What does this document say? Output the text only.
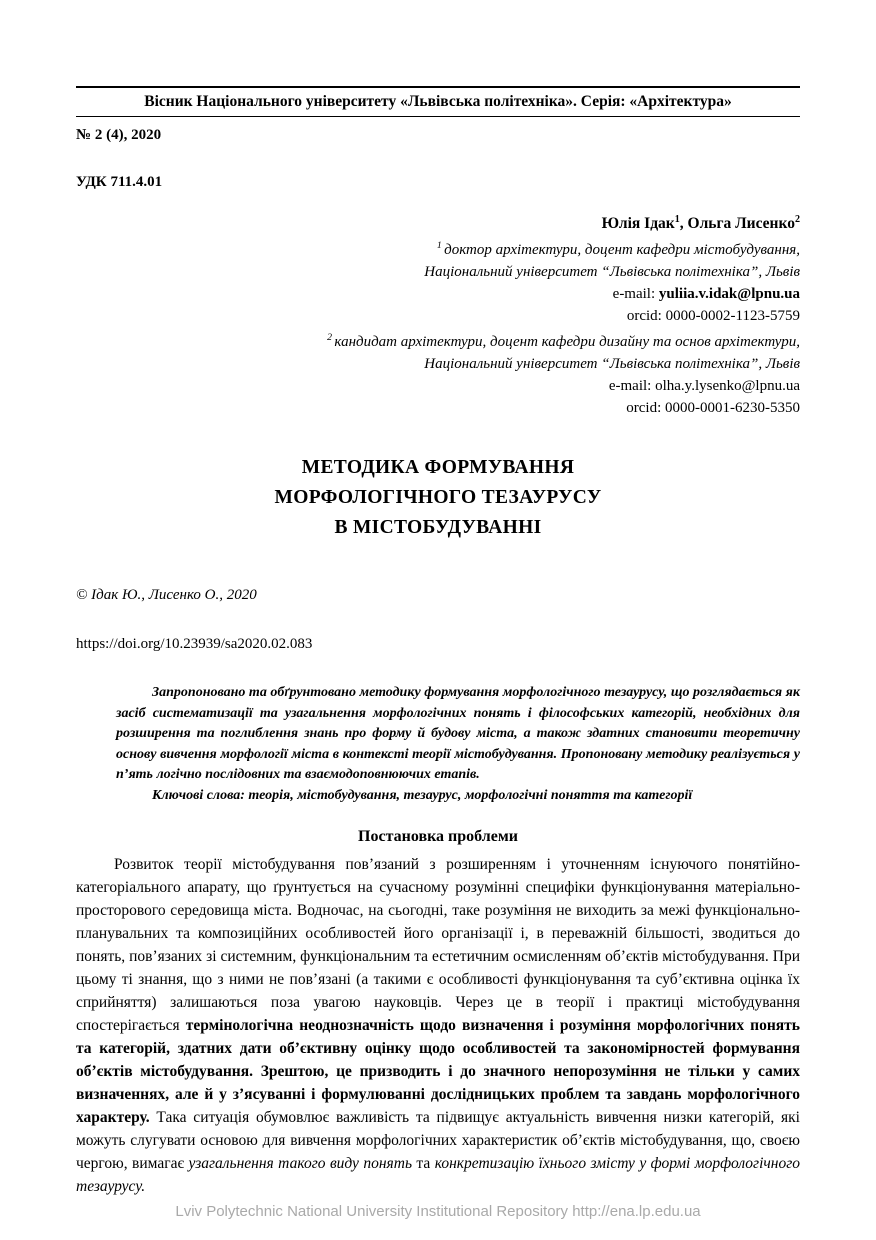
Вісник Національного університету «Львівська політехніка». Серія: «Архітектура»
№ 2 (4), 2020
УДК 711.4.01
Юлія Ідак$^1$, Ольга Лисенко$^2$
$^1$ доктор архітектури, доцент кафедри містобудування,
Національний університет “Львівська політехніка”, Львів
e-mail: yuliia.v.idak@lpnu.ua
orcid: 0000-0002-1123-5759
$^2$ кандидат архітектури, доцент кафедри дизайну та основ архітектури,
Національний університет “Львівська політехніка”, Львів
e-mail: olha.y.lysenko@lpnu.ua
orcid: 0000-0001-6230-5350
МЕТОДИКА ФОРМУВАННЯ
МОРФОЛОГІЧНОГО ТЕЗАУРУСУ
В МІСТОБУДУВАННІ
© Ідак Ю., Лисенко О., 2020
https://doi.org/10.23939/sa2020.02.083
Запропоновано та обґрунтовано методику формування морфологічного тезаурусу, що розглядається як засіб систематизації та узагальнення морфологічних понять і філософських категорій, необхідних для розширення та поглиблення знань про форму й будову міста, а також здатних становити теоретичну основу вивчення морфології міста в контексті теорії містобудування. Пропоновану методику реалізується у п’ять логічно послідовних та взаємодоповнюючих етапів.
Ключові слова: теорія, містобудування, тезаурус, морфологічні поняття та категорії
Постановка проблеми
Розвиток теорії містобудування пов’язаний з розширенням і уточненням існуючого понятійно-категоріального апарату, що ґрунтується на сучасному розумінні специфіки функціонування матеріально-просторового середовища міста. Водночас, на сьогодні, таке розуміння не виходить за межі функціонально-планувальних та композиційних особливостей його організації і, в переважній більшості, зводиться до понять, пов’язаних зі системним, функціональним та естетичним осмисленням об’єктів містобудування. При цьому ті знання, що з ними не пов’язані (а такими є особливості функціонування та суб’єктивна оцінка їх сприйняття) залишаються поза увагою науковців. Через це в теорії і практиці містобудування спостерігається термінологічна неоднозначність щодо визначення і розуміння морфологічних понять та категорій, здатних дати об’єктивну оцінку щодо особливостей та закономірностей формування об’єктів містобудування. Зрештою, це призводить і до значного непорозуміння не тільки у самих визначеннях, але й у з’ясуванні і формулюванні дослідницьких проблем та завдань морфологічного характеру. Така ситуація обумовлює важливість та підвищує актуальність вивчення низки категорій, які можуть слугувати основою для вивчення морфологічних характеристик об’єктів містобудування, що, своєю чергою, вимагає узагальнення такого виду понять та конкретизацію їхнього змісту у формі морфологічного тезаурусу.
Lviv Polytechnic National University Institutional Repository http://ena.lp.edu.ua
